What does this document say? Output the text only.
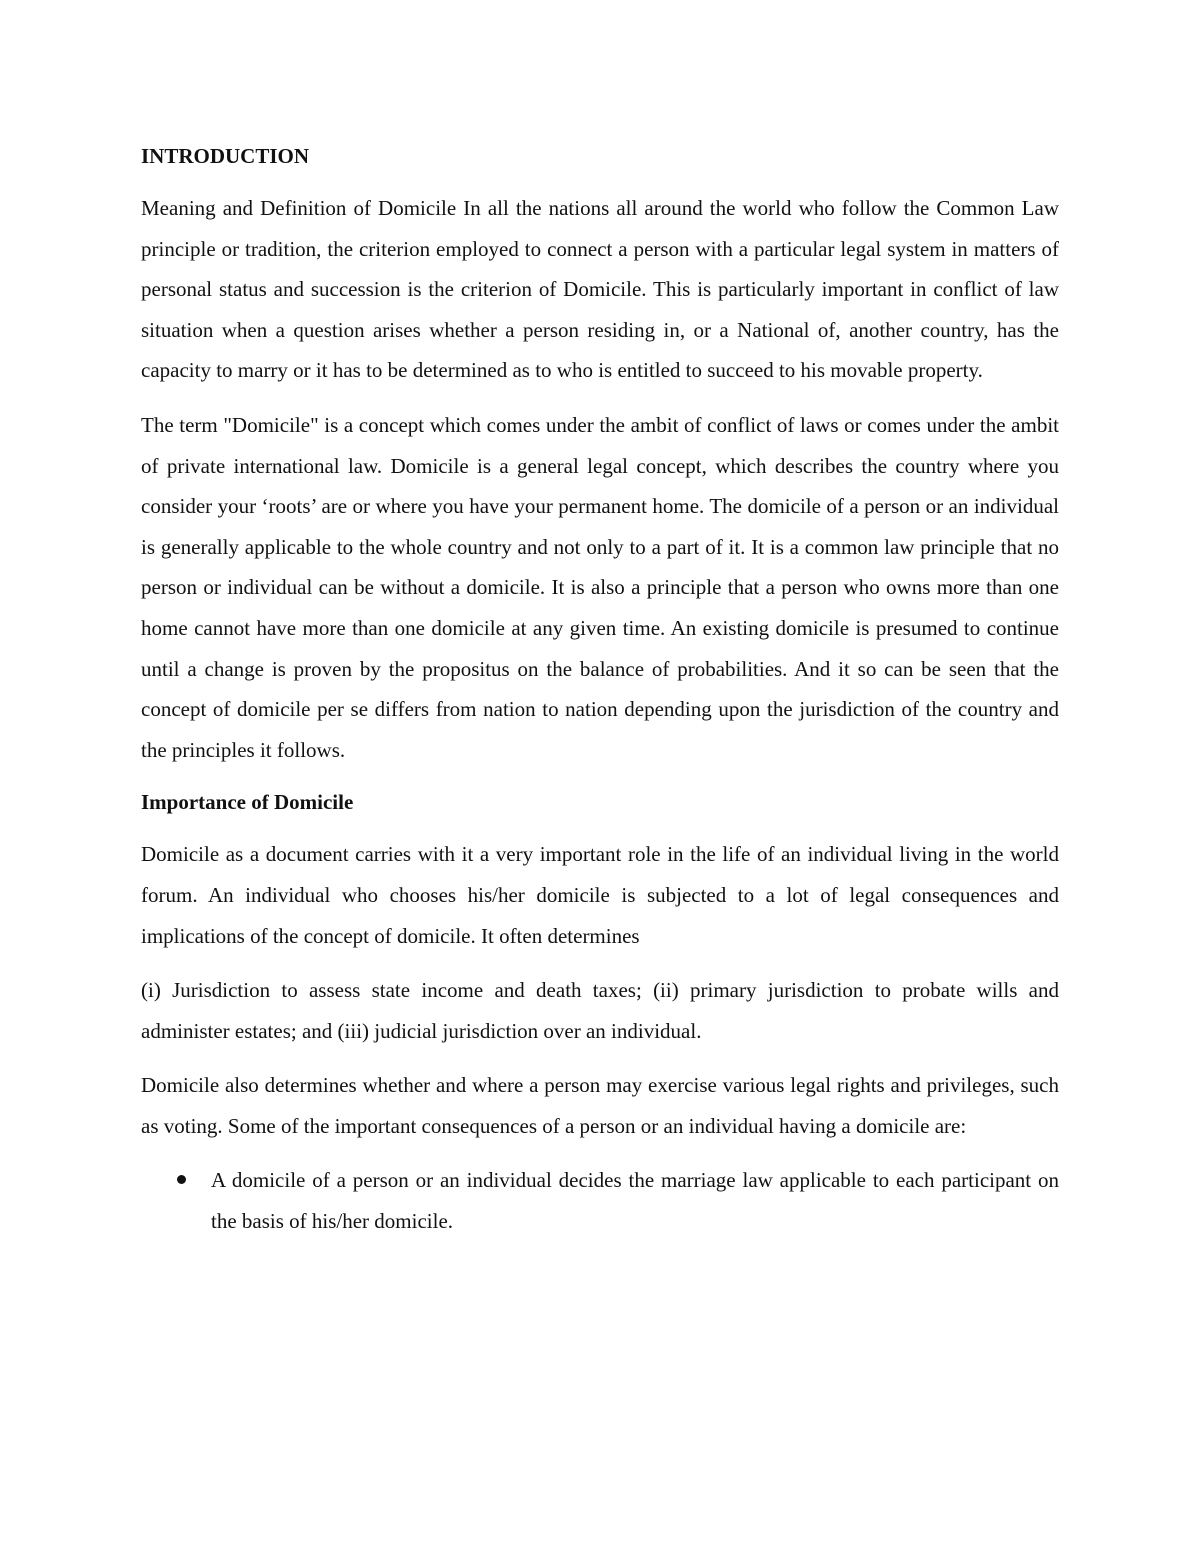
INTRODUCTION

Meaning and Definition of Domicile In all the nations all around the world who follow the Common Law principle or tradition, the criterion employed to connect a person with a particular legal system in matters of personal status and succession is the criterion of Domicile. This is particularly important in conflict of law situation when a question arises whether a person residing in, or a National of, another country, has the capacity to marry or it has to be determined as to who is entitled to succeed to his movable property.

The term "Domicile" is a concept which comes under the ambit of conflict of laws or comes under the ambit of private international law. Domicile is a general legal concept, which describes the country where you consider your ‘roots’ are or where you have your permanent home. The domicile of a person or an individual is generally applicable to the whole country and not only to a part of it. It is a common law principle that no person or individual can be without a domicile. It is also a principle that a person who owns more than one home cannot have more than one domicile at any given time. An existing domicile is presumed to continue until a change is proven by the propositus on the balance of probabilities. And it so can be seen that the concept of domicile per se differs from nation to nation depending upon the jurisdiction of the country and the principles it follows.

Importance of Domicile

Domicile as a document carries with it a very important role in the life of an individual living in the world forum. An individual who chooses his/her domicile is subjected to a lot of legal consequences and implications of the concept of domicile. It often determines

(i) Jurisdiction to assess state income and death taxes; (ii) primary jurisdiction to probate wills and administer estates; and (iii) judicial jurisdiction over an individual.

Domicile also determines whether and where a person may exercise various legal rights and privileges, such as voting. Some of the important consequences of a person or an individual having a domicile are:

A domicile of a person or an individual decides the marriage law applicable to each participant on the basis of his/her domicile.
